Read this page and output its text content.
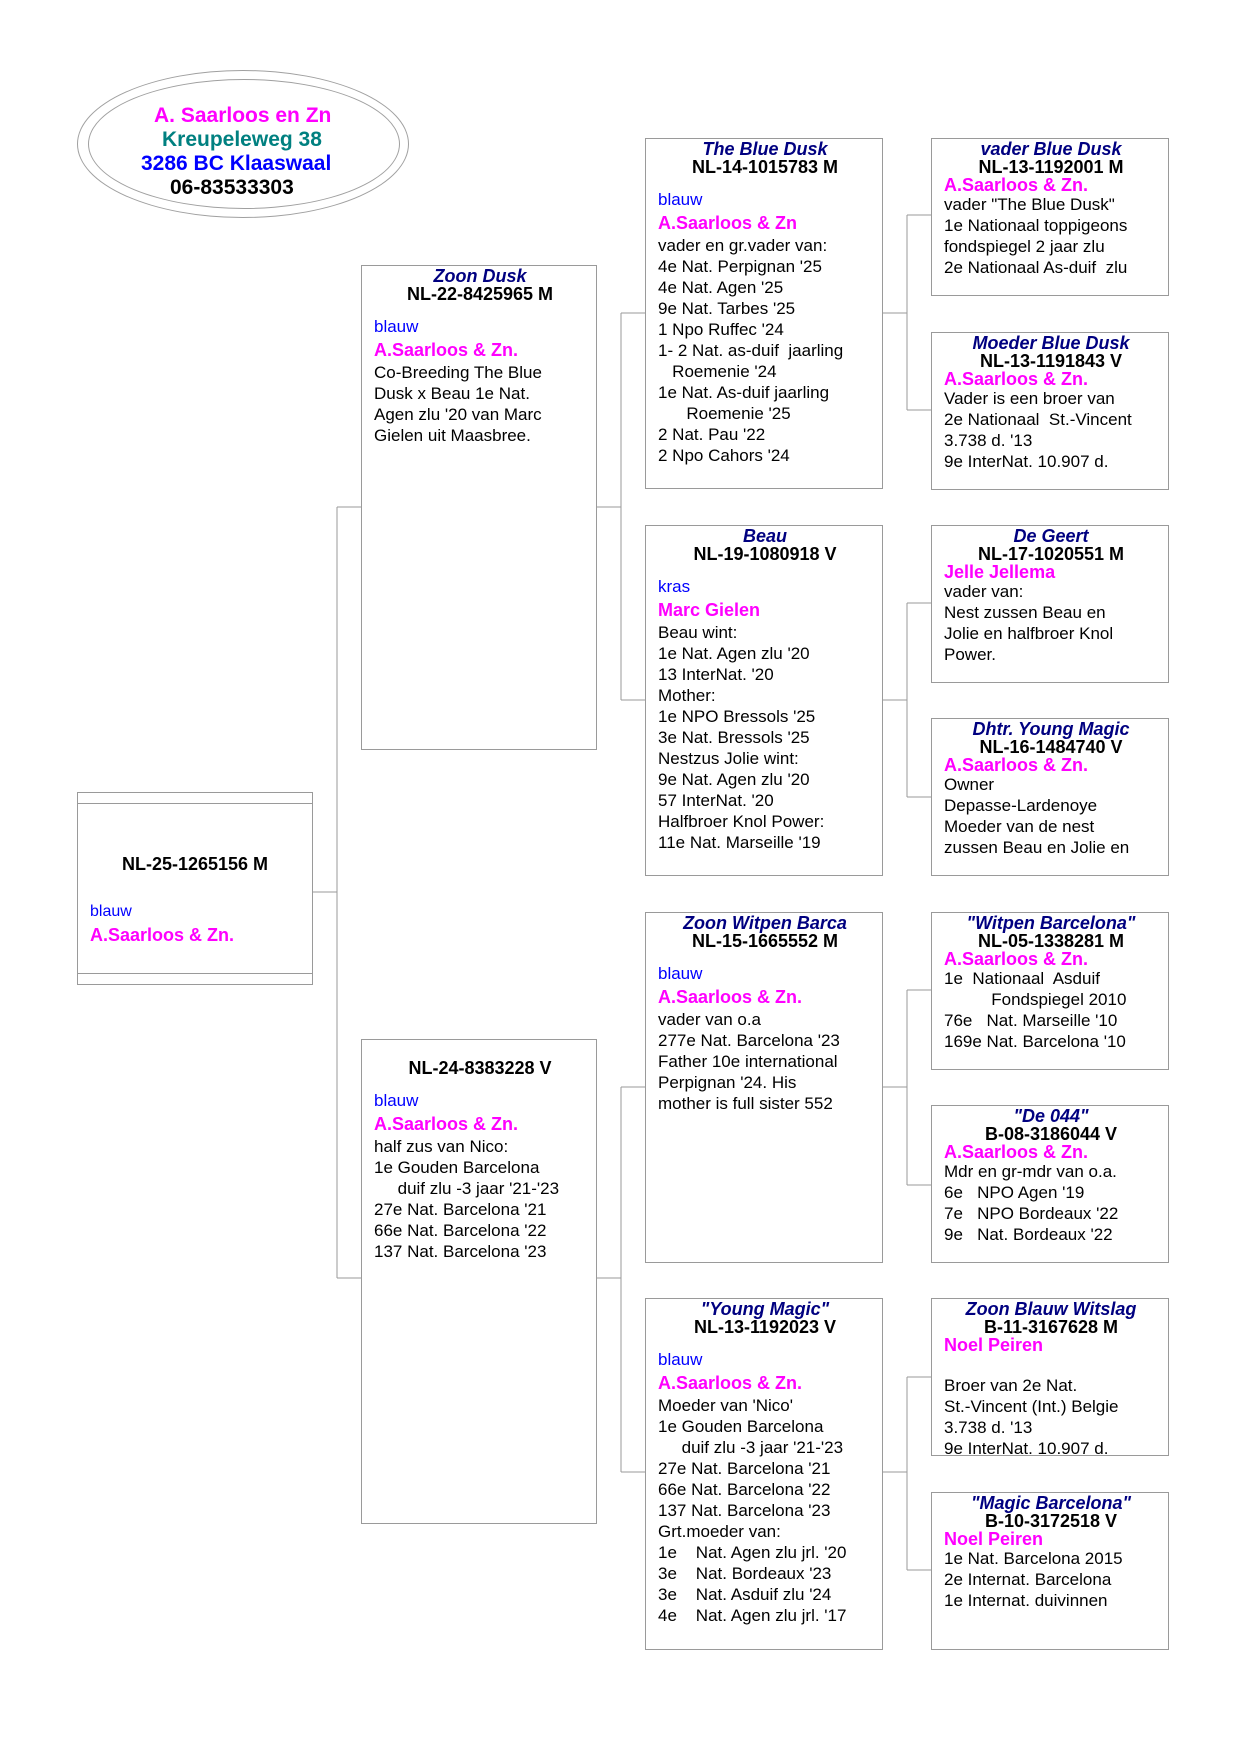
A. Saarloos en Zn
Kreupeleweg 38
3286 BC Klaaswaal
06-83533303
NL-25-1265156 M
blauw
A.Saarloos & Zn.
Zoon Dusk
NL-22-8425965 M
blauw
A.Saarloos & Zn.
Co-Breeding The Blue
Dusk x Beau 1e Nat.
Agen zlu '20 van Marc
Gielen uit Maasbree.
NL-24-8383228 V
blauw
A.Saarloos & Zn.
half zus van Nico:
1e Gouden Barcelona
duif zlu -3 jaar '21-'23
27e Nat. Barcelona '21
66e Nat. Barcelona '22
137 Nat. Barcelona '23
The Blue Dusk
NL-14-1015783 M
blauw
A.Saarloos & Zn
vader en gr.vader van:
4e Nat. Perpignan '25
4e Nat. Agen '25
9e Nat. Tarbes '25
1 Npo Ruffec '24
1- 2 Nat. as-duif  jaarling
Roemenie '24
1e Nat. As-duif jaarling
Roemenie '25
2 Nat. Pau '22
2 Npo Cahors '24
Beau
NL-19-1080918 V
kras
Marc Gielen
Beau wint:
1e Nat. Agen zlu '20
13 InterNat. '20
Mother:
1e NPO Bressols '25
3e Nat. Bressols '25
Nestzus Jolie wint:
9e Nat. Agen zlu '20
57 InterNat. '20
Halfbroer Knol Power:
11e Nat. Marseille '19
Zoon Witpen Barca
NL-15-1665552 M
blauw
A.Saarloos & Zn.
vader van o.a
277e Nat. Barcelona '23
Father 10e international
Perpignan '24. His
mother is full sister 552
"Young Magic"
NL-13-1192023 V
blauw
A.Saarloos & Zn.
Moeder van 'Nico'
1e Gouden Barcelona
duif zlu -3 jaar '21-'23
27e Nat. Barcelona '21
66e Nat. Barcelona '22
137 Nat. Barcelona '23
Grt.moeder van:
1e    Nat. Agen zlu jrl. '20
3e    Nat. Bordeaux '23
3e    Nat. Asduif zlu '24
4e    Nat. Agen zlu jrl. '17
vader Blue Dusk
NL-13-1192001 M
A.Saarloos & Zn.
vader "The Blue Dusk"
1e Nationaal toppigeons
fondspiegel 2 jaar zlu
2e Nationaal As-duif  zlu
Moeder Blue Dusk
NL-13-1191843 V
A.Saarloos & Zn.
Vader is een broer van
2e Nationaal  St.-Vincent
3.738 d. '13
9e InterNat. 10.907 d.
De Geert
NL-17-1020551 M
Jelle Jellema
vader van:
Nest zussen Beau en
Jolie en halfbroer Knol
Power.
Dhtr. Young Magic
NL-16-1484740 V
A.Saarloos & Zn.
Owner
Depasse-Lardenoye
Moeder van de nest
zussen Beau en Jolie en
"Witpen Barcelona"
NL-05-1338281 M
A.Saarloos & Zn.
1e  Nationaal  Asduif
Fondspiegel 2010
76e   Nat. Marseille '10
169e Nat. Barcelona '10
"De 044"
B-08-3186044 V
A.Saarloos & Zn.
Mdr en gr-mdr van o.a.
6e   NPO Agen '19
7e   NPO Bordeaux '22
9e   Nat. Bordeaux '22
Zoon Blauw Witslag
B-11-3167628 M
Noel Peiren

Broer van 2e Nat.
St.-Vincent (Int.) Belgie
3.738 d. '13
9e InterNat. 10.907 d.
"Magic Barcelona"
B-10-3172518 V
Noel Peiren
1e Nat. Barcelona 2015
2e Internat. Barcelona
1e Internat. duivinnen
